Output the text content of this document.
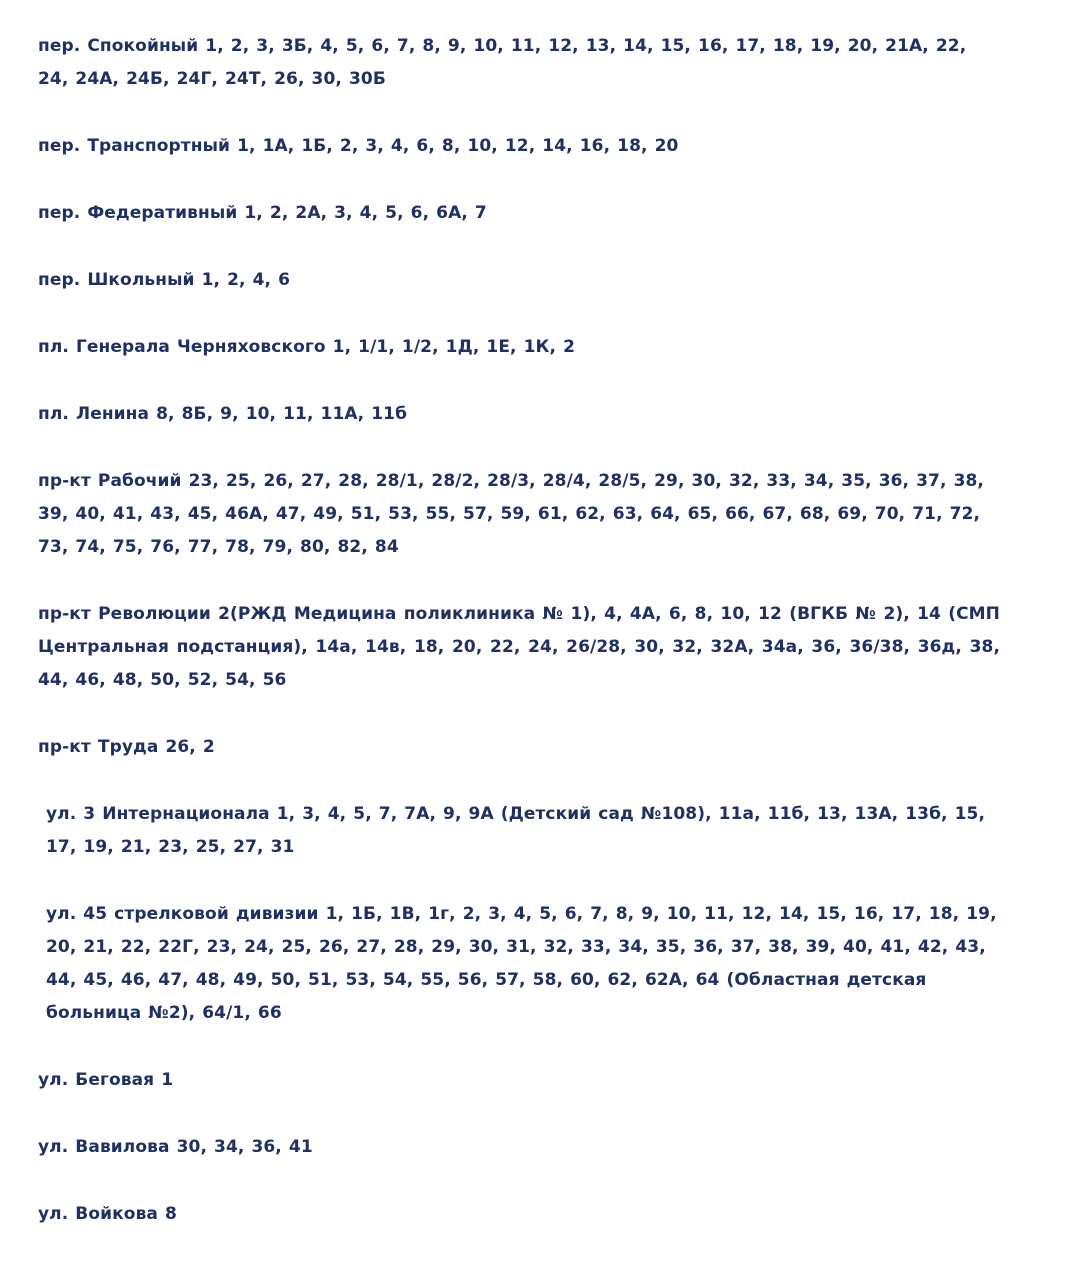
пер. Спокойный 1, 2, 3, 3Б, 4, 5, 6, 7, 8, 9, 10, 11, 12, 13, 14, 15, 16, 17, 18, 19, 20, 21А, 22, 24, 24А, 24Б, 24Г, 24Т, 26, 30, 30Б

пер. Транспортный 1, 1А, 1Б, 2, 3, 4, 6, 8, 10, 12, 14, 16, 18, 20

пер. Федеративный 1, 2, 2А, 3, 4, 5, 6, 6А, 7

пер. Школьный 1, 2, 4, 6

пл. Генерала Черняховского 1, 1/1, 1/2, 1Д, 1Е, 1К, 2

пл. Ленина 8, 8Б, 9, 10, 11, 11А, 11б

пр-кт Рабочий 23, 25, 26, 27, 28, 28/1, 28/2, 28/3, 28/4, 28/5, 29, 30, 32, 33, 34, 35, 36, 37, 38, 39, 40, 41, 43, 45, 46А, 47, 49, 51, 53, 55, 57, 59, 61, 62, 63, 64, 65, 66, 67, 68, 69, 70, 71, 72, 73, 74, 75, 76, 77, 78, 79, 80, 82, 84

пр-кт Революции 2(РЖД Медицина поликлиника № 1), 4, 4А, 6, 8, 10, 12 (ВГКБ № 2), 14 (СМП Центральная подстанция), 14а, 14в, 18, 20, 22, 24, 26/28, 30, 32, 32А, 34а, 36, 36/38, 36д, 38, 44, 46, 48, 50, 52, 54, 56

пр-кт Труда 26, 2

ул. 3 Интернационала 1, 3, 4, 5, 7, 7А, 9, 9А (Детский сад №108), 11а, 11б, 13, 13А, 13б, 15, 17, 19, 21, 23, 25, 27, 31

ул. 45 стрелковой дивизии 1, 1Б, 1В, 1г, 2, 3, 4, 5, 6, 7, 8, 9, 10, 11, 12, 14, 15, 16, 17, 18, 19, 20, 21, 22, 22Г, 23, 24, 25, 26, 27, 28, 29, 30, 31, 32, 33, 34, 35, 36, 37, 38, 39, 40, 41, 42, 43, 44, 45, 46, 47, 48, 49, 50, 51, 53, 54, 55, 56, 57, 58, 60, 62, 62А, 64 (Областная детская больница №2), 64/1, 66

ул. Беговая 1

ул. Вавилова 30, 34, 36, 41

ул. Войкова 8
